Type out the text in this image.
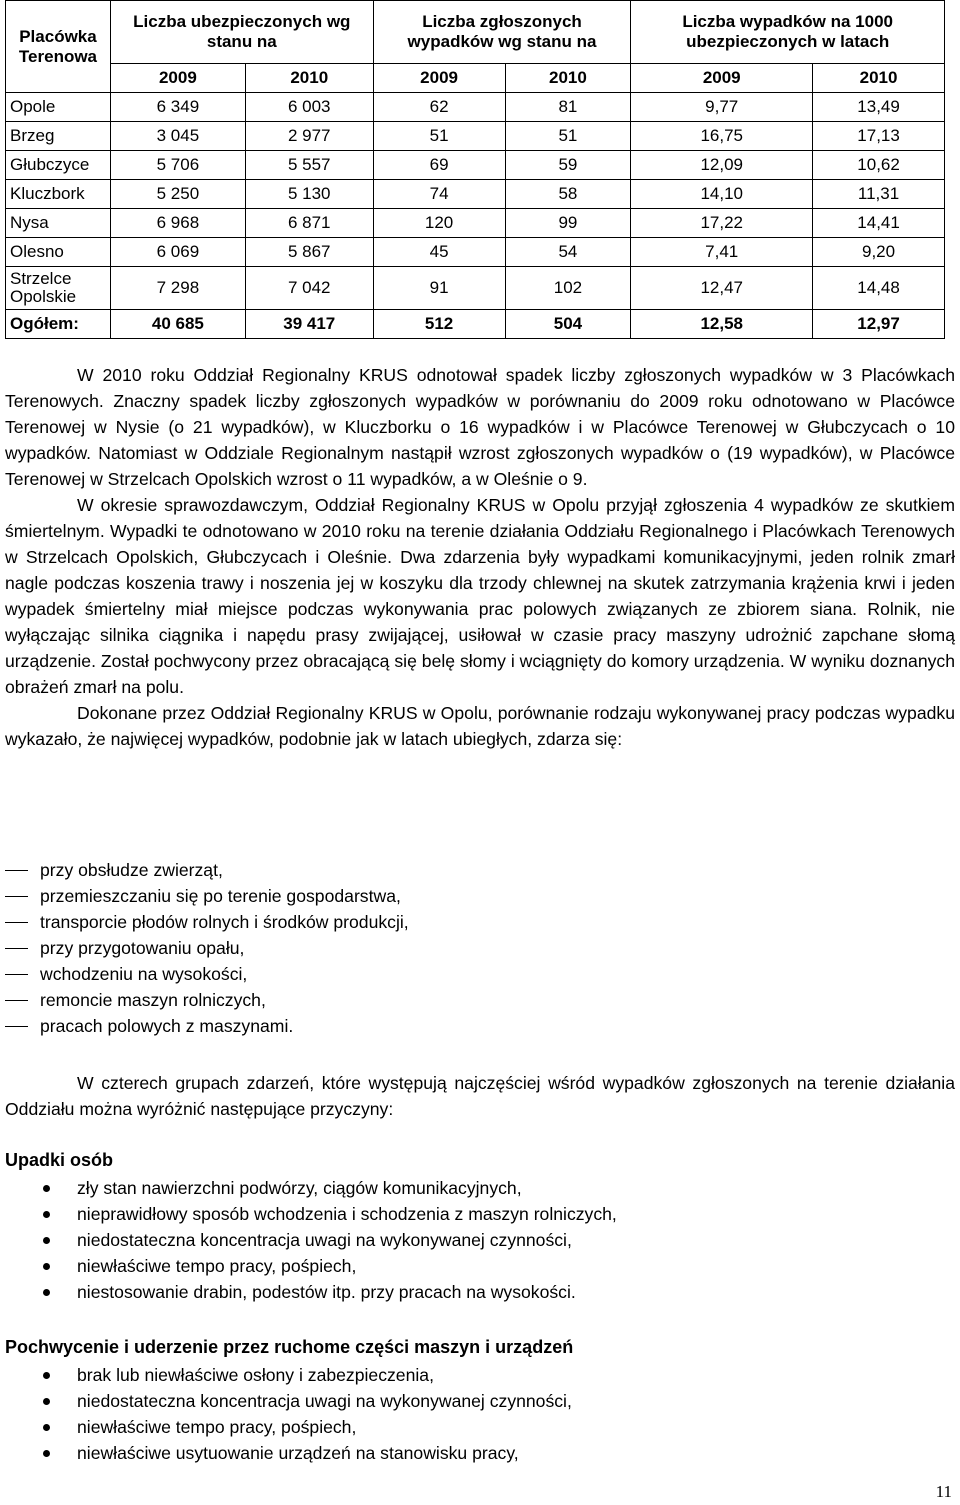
Placówka Terenowa	Liczba ubezpieczonych wg stanu na		Liczba zgłoszonych wypadków wg stanu na		Liczba wypadków na 1000 ubezpieczonych w latach	
	2009	2010	2009	2010	2009	2010
Opole	6 349	6 003	62	81	9,77	13,49
Brzeg	3 045	2 977	51	51	16,75	17,13
Głubczyce	5 706	5 557	69	59	12,09	10,62
Kluczbork	5 250	5 130	74	58	14,10	11,31
Nysa	6 968	6 871	120	99	17,22	14,41
Olesno	6 069	5 867	45	54	7,41	9,20
Strzelce Opolskie	7 298	7 042	91	102	12,47	14,48
Ogółem:	40 685	39 417	512	504	12,58	12,97

W 2010 roku Oddział Regionalny KRUS odnotował spadek liczby zgłoszonych wypadków w 3 Placówkach Terenowych. Znaczny spadek liczby zgłoszonych wypadków w porównaniu do 2009 roku odnotowano w Placówce Terenowej w Nysie (o 21 wypadków), w Kluczborku o 16 wypadków i w Placówce Terenowej w Głubczycach o 10 wypadków. Natomiast w Oddziale Regionalnym nastąpił wzrost zgłoszonych wypadków o (19 wypadków), w Placówce Terenowej w Strzelcach Opolskich wzrost o 11 wypadków, a w Oleśnie o 9.

W okresie sprawozdawczym, Oddział Regionalny KRUS w Opolu przyjął zgłoszenia 4 wypadków ze skutkiem śmiertelnym. Wypadki te odnotowano w 2010 roku na terenie działania Oddziału Regionalnego i Placówkach Terenowych w Strzelcach Opolskich, Głubczycach i Oleśnie. Dwa zdarzenia były wypadkami komunikacyjnymi, jeden rolnik zmarł nagle podczas koszenia trawy i noszenia jej w koszyku dla trzody chlewnej na skutek zatrzymania krążenia krwi i jeden wypadek śmiertelny miał miejsce podczas wykonywania prac polowych związanych ze zbiorem siana. Rolnik, nie wyłączając silnika ciągnika i napędu prasy zwijającej, usiłował w czasie pracy maszyny udrożnić zapchane słomą urządzenie. Został pochwycony przez obracającą się belę słomy i wciągnięty do komory urządzenia. W wyniku doznanych obrażeń zmarł na polu.

Dokonane przez Oddział Regionalny KRUS w Opolu, porównanie rodzaju wykonywanej pracy podczas wypadku wykazało, że najwięcej wypadków, podobnie jak w latach ubiegłych, zdarza się:

przy obsłudze zwierząt,
przemieszczaniu się po terenie gospodarstwa,
transporcie płodów rolnych i środków produkcji,
przy przygotowaniu opału,
wchodzeniu na wysokości,
remoncie maszyn rolniczych,
pracach polowych z maszynami.

W czterech grupach zdarzeń, które występują najczęściej wśród wypadków zgłoszonych na terenie działania Oddziału można wyróżnić następujące przyczyny:

Upadki osób
zły stan nawierzchni podwórzy, ciągów komunikacyjnych,
nieprawidłowy sposób wchodzenia i schodzenia z maszyn rolniczych,
niedostateczna koncentracja uwagi na wykonywanej czynności,
niewłaściwe tempo pracy, pośpiech,
niestosowanie drabin, podestów itp. przy pracach na wysokości.
Pochwycenie i uderzenie przez ruchome części maszyn i urządzeń
brak lub niewłaściwe osłony i zabezpieczenia,
niedostateczna koncentracja uwagi na wykonywanej czynności,
niewłaściwe tempo pracy, pośpiech,
niewłaściwe usytuowanie urządzeń na stanowisku pracy,
11
